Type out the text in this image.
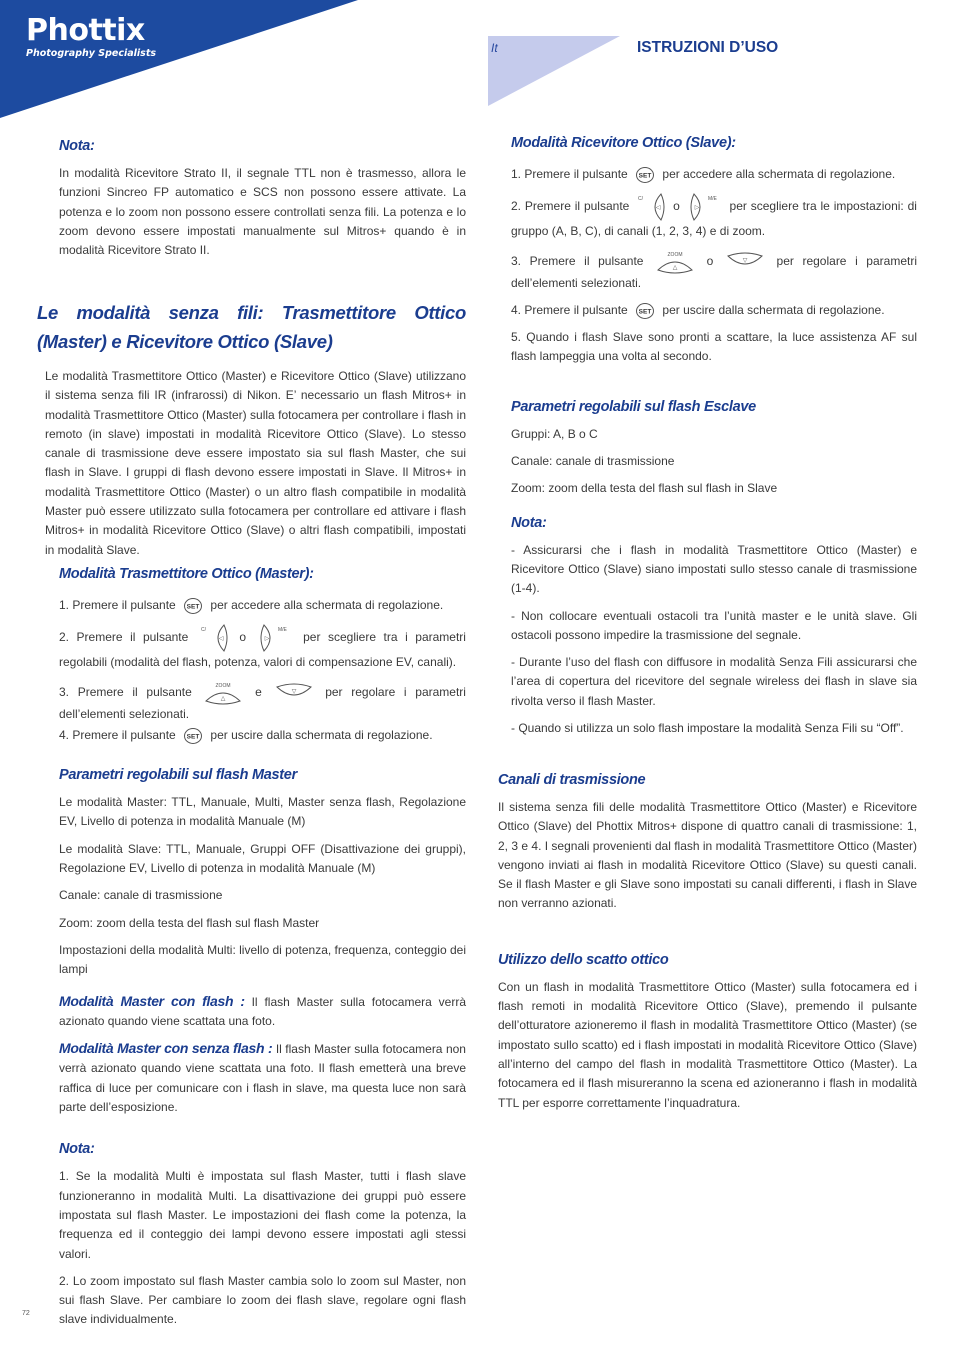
Phottix
Photography Specialists	It	ISTRUZIONI D’USO
Nota:

In modalità Ricevitore Strato II, il segnale TTL non è trasmesso, allora le funzioni Sincreo FP automatico e SCS non possono essere attivate. La potenza e lo zoom non possono essere controllati senza fili. La potenza e lo zoom devono essere impostati manualmente sul Mitros+ quando è in modalità Ricevitore Strato II.

Le modalità senza fili: Trasmettitore Ottico (Master) e Ricevitore Ottico (Slave)

Le modalità Trasmettitore Ottico (Master) e Ricevitore Ottico (Slave) utilizzano il sistema senza fili IR (infrarossi) di Nikon. E’ necessario un flash Mitros+ in modalità Trasmettitore Ottico (Master) sulla fotocamera per controllare i flash in remoto (in slave) impostati in modalità Ricevitore Ottico (Slave). Lo stesso canale di trasmissione deve essere impostato sia sul flash Master, che sui flash in Slave. I gruppi di flash devono essere impostati in Slave. Il Mitros+ in modalità Trasmettitore Ottico (Master) o un altro flash compatibile in modalità Master può essere utilizzato sulla fotocamera per controllare ed attivare i flash Mitros+ in modalità Ricevitore Ottico (Slave) o altri flash compatibili, impostati in modalità Slave.

Modalità Trasmettitore Ottico (Master):

1. Premere il pulsante SET per accedere alla schermata di regolazione.

2. Premere il pulsante
C/
◁ o	▷
M/E
per scegliere tra i parametri regolabili (modalità del flash, potenza, valori di compensazione EV, canali).

3. Premere il pulsante	ZOOM
△ e	▽ per regolare i parametri dell’elementi selezionati.

4. Premere il pulsante SET per uscire dalla schermata di regolazione.

Parametri regolabili sul flash Master

Le modalità Master: TTL, Manuale, Multi, Master senza flash, Regolazione EV, Livello di potenza in modalità Manuale (M)

Le modalità Slave: TTL, Manuale, Gruppi OFF (Disattivazione dei gruppi), Regolazione EV, Livello di potenza in modalità Manuale (M)

Canale: canale di trasmissione

Zoom: zoom della testa del flash sul flash Master

Impostazioni della modalità Multi: livello di potenza, frequenza, conteggio dei lampi

Modalità Master con flash : Il flash Master sulla fotocamera verrà azionato quando viene scattata una foto.

Modalità Master con senza flash : Il flash Master sulla fotocamera non verrà azionato quando viene scattata una foto. Il flash emetterà una breve raffica di luce per comunicare con i flash in slave, ma questa luce non sarà parte dell’esposizione.

Nota:

1. Se la modalità Multi è impostata sul flash Master, tutti i flash slave funzioneranno in modalità Multi. La disattivazione dei gruppi può essere impostata sul flash Master. Le impostazioni dei flash come la potenza, la frequenza ed il conteggio dei lampi devono essere impostati agli stessi valori.

2. Lo zoom impostato sul flash Master cambia solo lo zoom sul Master, non sui flash Slave. Per cambiare lo zoom dei flash slave, regolare ogni flash slave individualmente.

Modalità Ricevitore Ottico (Slave):

1. Premere il pulsante SET per accedere alla schermata di regolazione.

2. Premere il pulsante
C/
◁ o ▷
M/E
per scegliere tra le impostazioni: di gruppo (A, B, C), di canali (1, 2, 3, 4) e di zoom.

3. Premere il pulsante	ZOOM
△ o	▽ per regolare i parametri dell’elementi selezionati.

4. Premere il pulsante SET per uscire dalla schermata di regolazione.

5. Quando i flash Slave sono pronti a scattare, la luce assistenza AF sul flash lampeggia una volta al secondo.

Parametri regolabili sul flash Esclave

Gruppi: A, B o C

Canale: canale di trasmissione

Zoom: zoom della testa del flash sul flash in Slave

Nota:

- Assicurarsi che i flash in modalità Trasmettitore Ottico (Master) e Ricevitore Ottico (Slave) siano impostati sullo stesso canale di trasmissione (1-4).

- Non collocare eventuali ostacoli tra l’unità master e le unità slave. Gli ostacoli possono impedire la trasmissione del segnale.

- Durante l’uso del flash con diffusore in modalità Senza Fili assicurarsi che l’area di copertura del ricevitore del segnale wireless dei flash in slave sia rivolta verso il flash Master.

- Quando si utilizza un solo flash impostare la modalità Senza Fili su “Off”.

Canali di trasmissione

Il sistema senza fili delle modalità Trasmettitore Ottico (Master) e Ricevitore Ottico (Slave) del Phottix Mitros+ dispone di quattro canali di trasmissione: 1, 2, 3 e 4. I segnali provenienti dal flash in modalità Trasmettitore Ottico (Master) vengono inviati ai flash in modalità Ricevitore Ottico (Slave) su questi canali. Se il flash Master e gli Slave sono impostati su canali differenti, i flash in Slave non verranno azionati.

Utilizzo dello scatto ottico

Con un flash in modalità Trasmettitore Ottico (Master) sulla fotocamera ed i flash remoti in modalità Ricevitore Ottico (Slave), premendo il pulsante dell’otturatore azioneremo il flash in modalità Trasmettitore Ottico (Master) (se impostato sullo scatto) ed i flash impostati in modalità Ricevitore Ottico (Slave) all’interno del campo del flash in modalità Trasmettitore Ottico (Master). La fotocamera ed il flash misureranno la scena ed azioneranno i flash in modalità TTL per esporre correttamente l’inquadratura.

72
